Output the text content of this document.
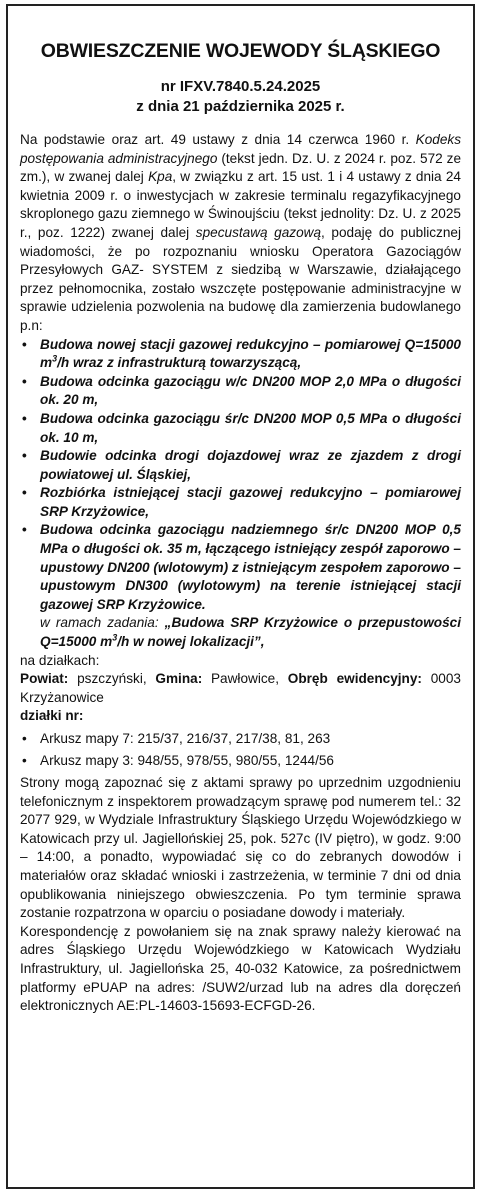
OBWIESZCZENIE WOJEWODY ŚLĄSKIEGO
nr IFXV.7840.5.24.2025
z dnia 21 października 2025 r.

Na podstawie oraz art. 49 ustawy z dnia 14 czerwca 1960 r. Kodeks postępowania administracyjnego (tekst jedn. Dz. U. z 2024 r. poz. 572 ze zm.), w zwanej dalej Kpa, w związku z art. 15 ust. 1 i 4 ustawy z dnia 24 kwietnia 2009 r. o inwestycjach w zakresie terminalu regazyfikacyjnego skroplonego gazu ziemnego w Świnoujściu (tekst jednolity: Dz. U. z 2025 r., poz. 1222) zwanej dalej specustawą gazową, podaję do publicznej wiadomości, że po rozpoznaniu wniosku Operatora Gazociągów Przesyłowych GAZ- SYSTEM z siedzibą w Warszawie, działającego przez pełnomocnika, zostało wszczęte postępowanie administracyjne w sprawie udzielenia pozwolenia na budowę dla zamierzenia budowlanego p.n:

• Budowa nowej stacji gazowej redukcyjno – pomiarowej Q=15000 $m^3/h$ wraz z infrastrukturą towarzyszącą,
• Budowa odcinka gazociągu w/c DN200 MOP 2,0 MPa o długości ok. 20 m,
• Budowa odcinka gazociągu śr/c DN200 MOP 0,5 MPa o długości ok. 10 m,
• Budowie odcinka drogi dojazdowej wraz ze zjazdem z drogi powiatowej ul. Śląskiej,
• Rozbiórka istniejącej stacji gazowej redukcyjno – pomiarowej SRP Krzyżowice,
• Budowa odcinka gazociągu nadziemnego śr/c DN200 MOP 0,5 MPa o długości ok. 35 m, łączącego istniejący zespół zaporowo – upustowy DN200 (wlotowym) z istniejącym zespołem zaporowo – upustowym DN300 (wylotowym) na terenie istniejącej stacji gazowej SRP Krzyżowice.
w ramach zadania: „Budowa SRP Krzyżowice o przepustowości Q=15000 $m^3/h$ w nowej lokalizacji”,

na działkach:

Powiat: pszczyński, Gmina: Pawłowice, Obręb ewidencyjny: 0003 Krzyżanowice

działki nr:

• Arkusz mapy 7: 215/37, 216/37, 217/38, 81, 263
• Arkusz mapy 3: 948/55, 978/55, 980/55, 1244/56

Strony mogą zapoznać się z aktami sprawy po uprzednim uzgodnieniu telefonicznym z inspektorem prowadzącym sprawę pod numerem tel.: 32 2077 929, w Wydziale Infrastruktury Śląskiego Urzędu Wojewódzkiego w Katowicach przy ul. Jagiellońskiej 25, pok. 527c (IV piętro), w godz. 9:00 – 14:00, a ponadto, wypowiadać się co do zebranych dowodów i materiałów oraz składać wnioski i zastrzeżenia, w terminie 7 dni od dnia opublikowania niniejszego obwieszczenia. Po tym terminie sprawa zostanie rozpatrzona w oparciu o posiadane dowody i materiały.

Korespondencję z powołaniem się na znak sprawy należy kierować na adres Śląskiego Urzędu Wojewódzkiego w Katowicach Wydziału Infrastruktury, ul. Jagiellońska 25, 40-032 Katowice, za pośrednictwem platformy ePUAP na adres: /SUW2/urzad lub na adres dla doręczeń elektronicznych AE:PL-14603-15693-ECFGD-26.
